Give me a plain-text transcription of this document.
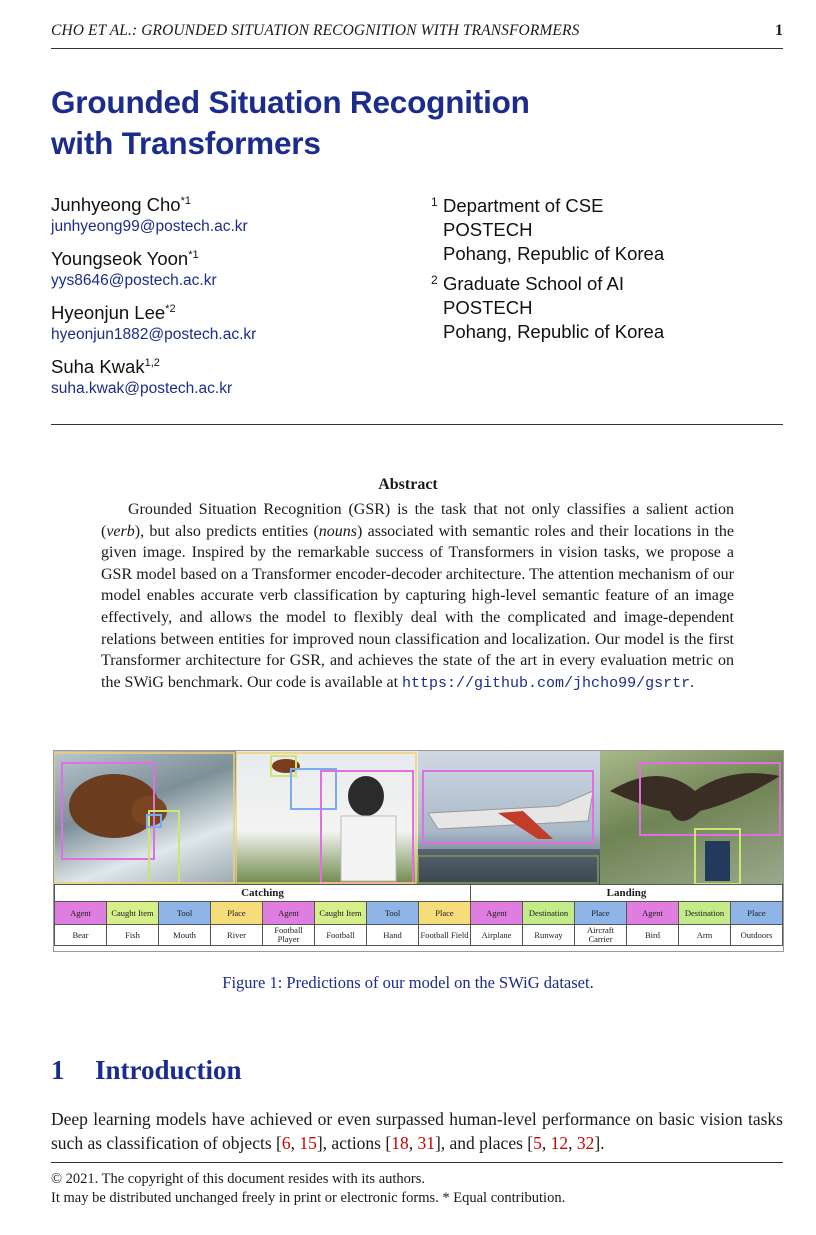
CHO ET AL.: GROUNDED SITUATION RECOGNITION WITH TRANSFORMERS	1
Grounded Situation Recognition
with Transformers
Junhyeong Cho$^{*1}$
junhyeong99@postech.ac.kr
Youngseok Yoon$^{*1}$
yys8646@postech.ac.kr
Hyeonjun Lee$^{*2}$
hyeonjun1882@postech.ac.kr
Suha Kwak$^{1,2}$
suha.kwak@postech.ac.kr
1 Department of CSE
POSTECH
Pohang, Republic of Korea
2 Graduate School of AI
POSTECH
Pohang, Republic of Korea
Abstract

Grounded Situation Recognition (GSR) is the task that not only classifies a salient action (verb), but also predicts entities (nouns) associated with semantic roles and their locations in the given image. Inspired by the remarkable success of Transformers in vision tasks, we propose a GSR model based on a Transformer encoder-decoder architecture. The attention mechanism of our model enables accurate verb classification by capturing high-level semantic feature of an image effectively, and allows the model to flexibly deal with the complicated and image-dependent relations between entities for improved noun classification and localization. Our model is the first Transformer architecture for GSR, and achieves the state of the art in every evaluation metric on the SWiG benchmark. Our code is available at https://github.com/jhcho99/gsrtr.

Catching								Landing					
Agent	Caught Item	Tool	Place	Agent	Caught Item	Tool	Place	Agent	Destination	Place	Agent	Destination	Place
Bear	Fish	Mouth	River	Football Player	Football	Hand	Football Field	Airplane	Runway	Aircraft Carrier	Bird	Arm	Outdoors
Figure 1: Predictions of our model on the SWiG dataset.
1 Introduction
Deep learning models have achieved or even surpassed human-level performance on basic vision tasks such as classification of objects [6, 15], actions [18, 31], and places [5, 12, 32].
© 2021. The copyright of this document resides with its authors.
It may be distributed unchanged freely in print or electronic forms. * Equal contribution.
